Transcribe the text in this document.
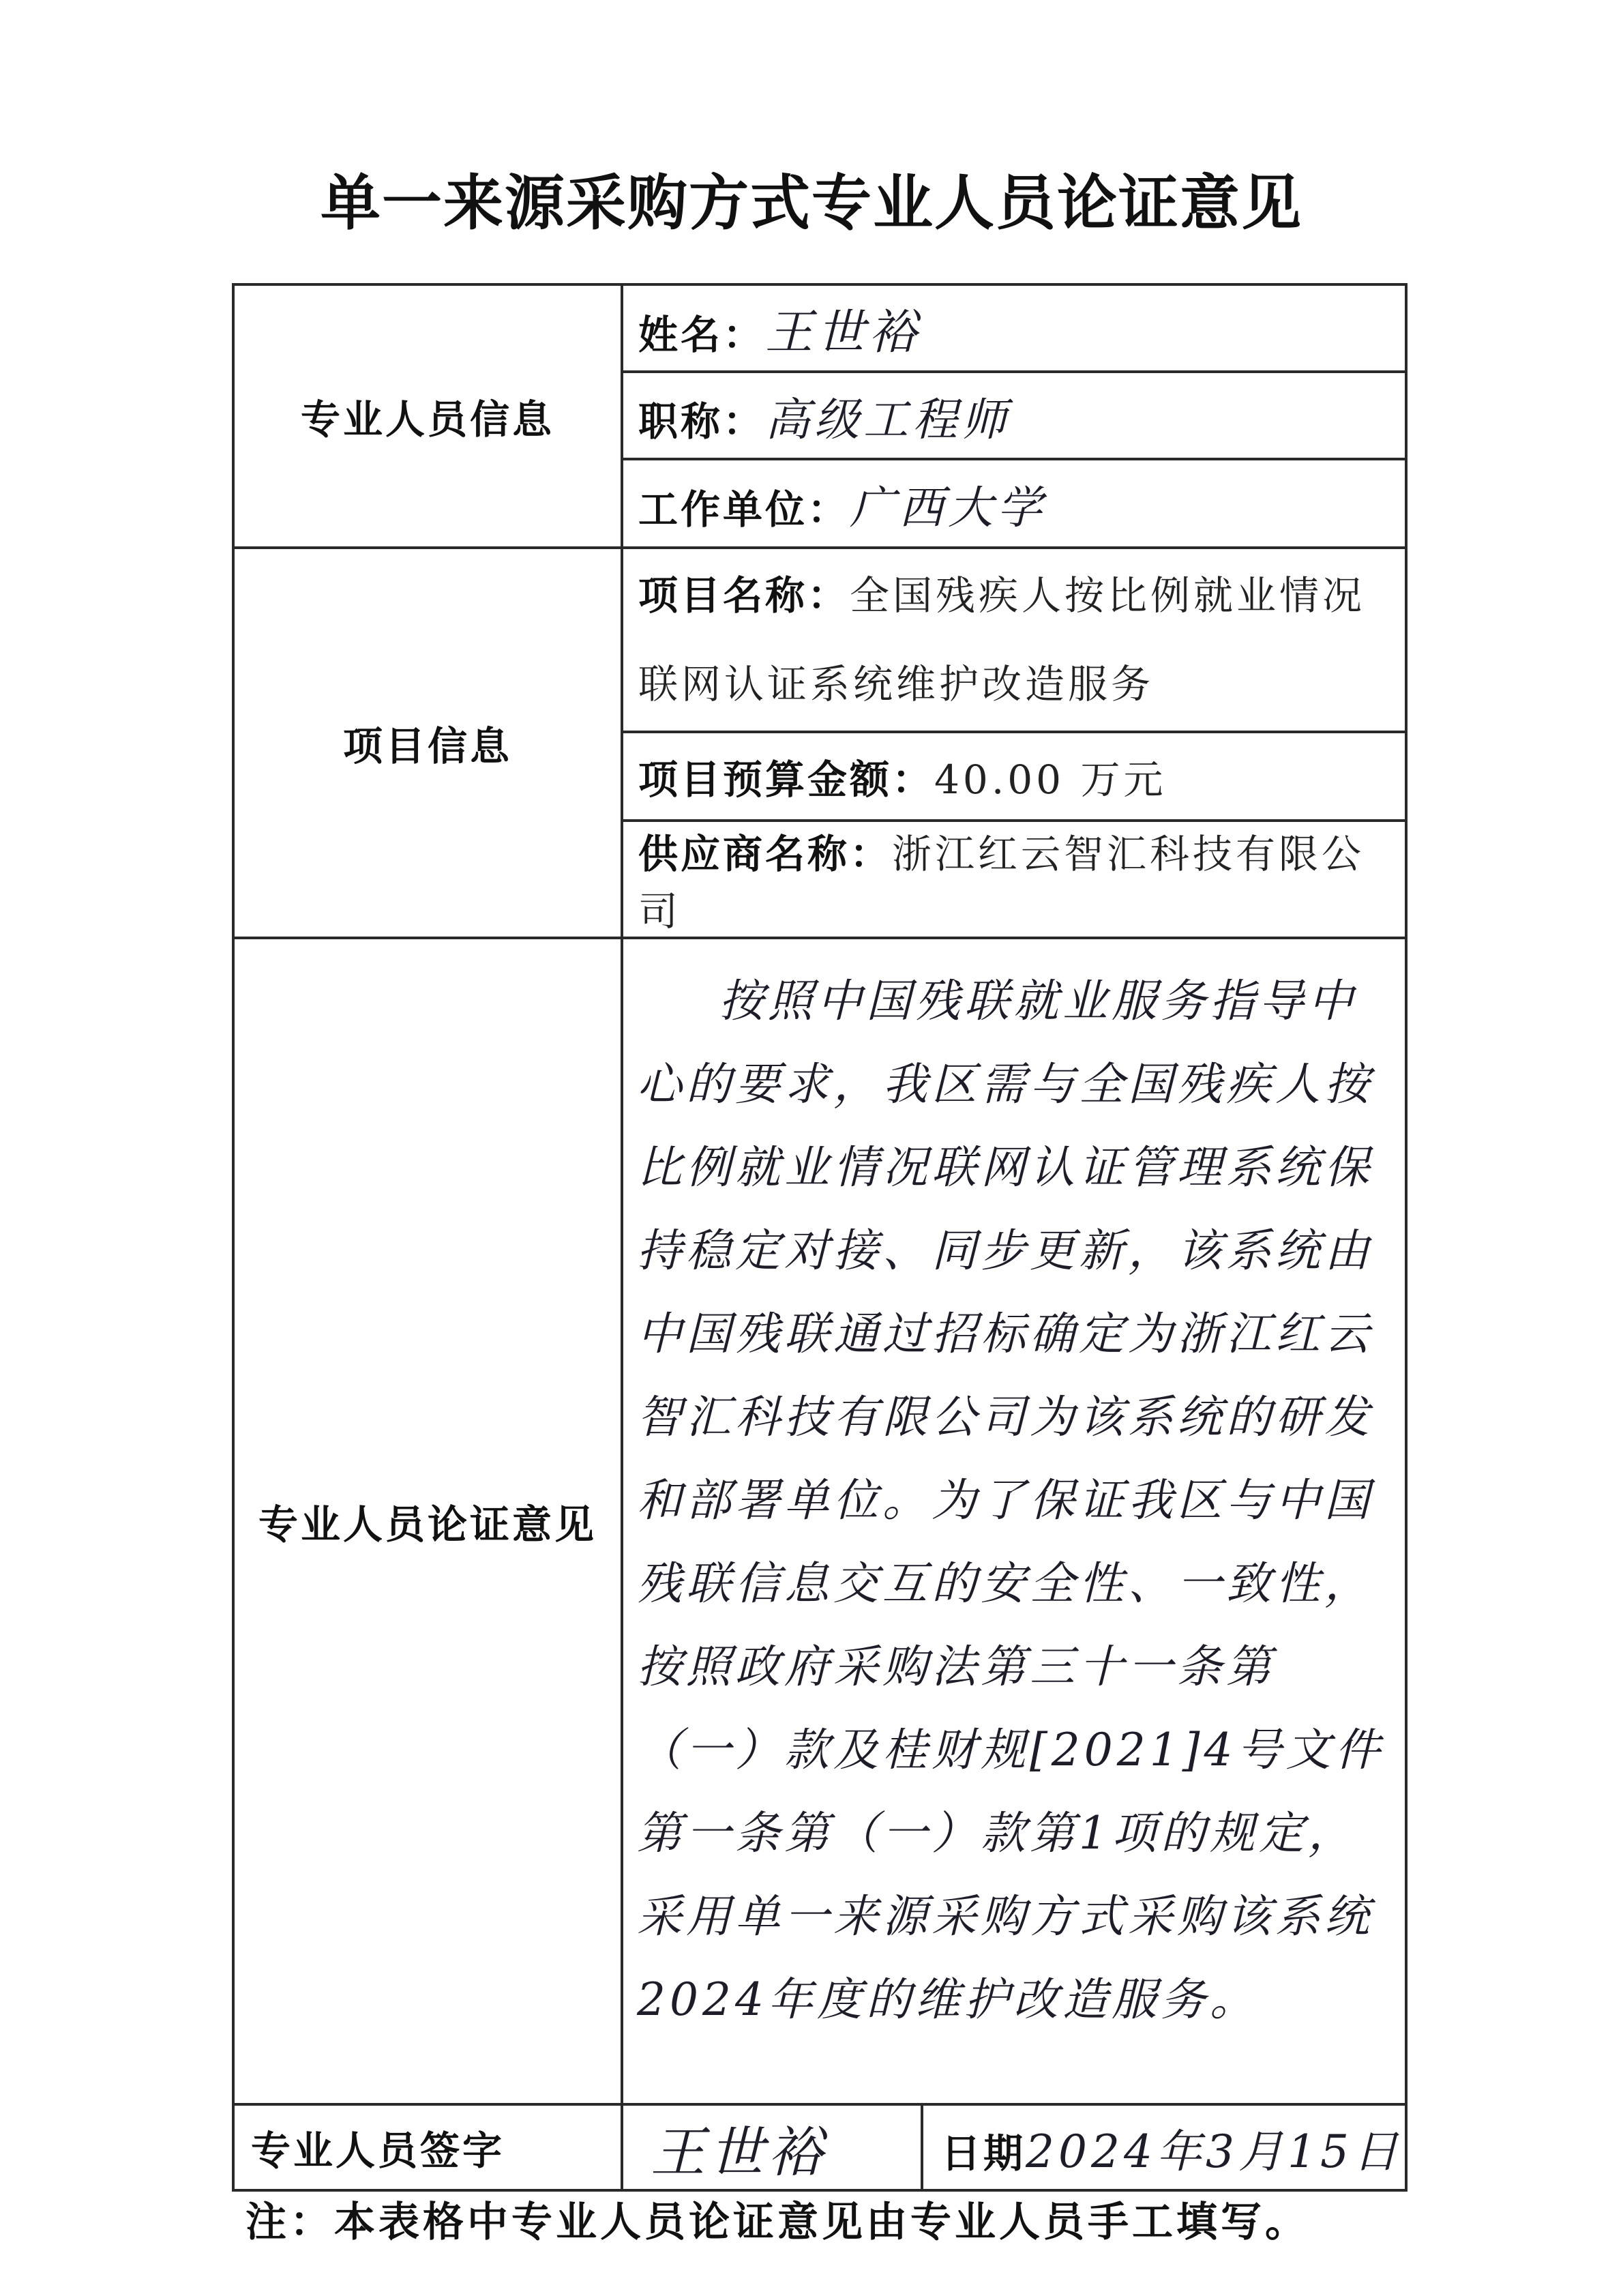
单一来源采购方式专业人员论证意见
专业人员信息	姓名：王世裕	
	职称：高级工程师	
	工作单位：广西大学	
项目信息	项目名称：全国残疾人按比例就业情况联网认证系统维护改造服务	
	项目预算金额：40.00 万元	
	供应商名称：浙江红云智汇科技有限公司	
专业人员论证意见	按照中国残联就业服务指导中心的要求，我区需与全国残疾人按比例就业情况联网认证管理系统保持稳定对接、同步更新，该系统由中国残联通过招标确定为浙江红云智汇科技有限公司为该系统的研发和部署单位。为了保证我区与中国残联信息交互的安全性、一致性，按照政府采购法第三十一条第（一）款及桂财规[2021]4号文件第一条第（一）款第1项的规定，采用单一来源采购方式采购该系统2024年度的维护改造服务。	

专业人员签字	王世裕	日期2024年3月15日
注：本表格中专业人员论证意见由专业人员手工填写。
